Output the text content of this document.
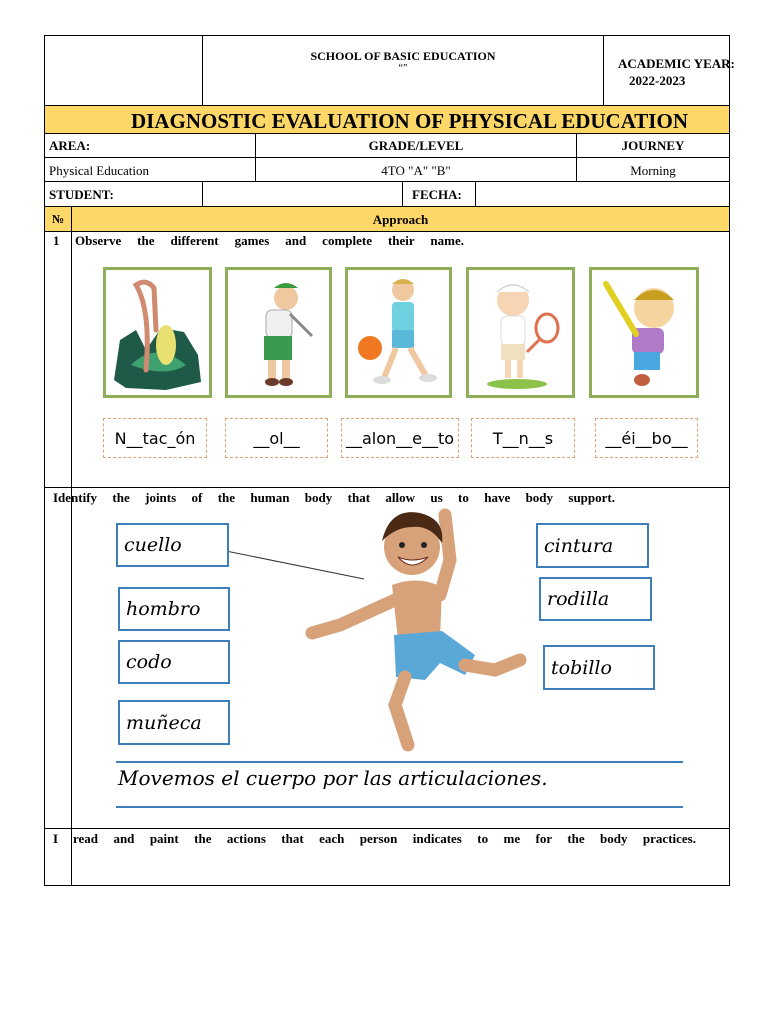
SCHOOL OF BASIC EDUCATION
“”	ACADEMIC YEAR:
2022-2023
DIAGNOSTIC EVALUATION OF PHYSICAL EDUCATION
AREA:	GRADE/LEVEL	JOURNEY
Physical Education	4TO "A" "B"	Morning
STUDENT:	FECHA:
№	Approach
1 Observe the different games and complete their name.
N__tac_ón	__ol__	__alon__e__to	T__n__s	__éi__bo__
Identify the joints of the human body that allow us to have body support.
cuello
hombro
codo
muñeca
cintura
rodilla
tobillo
Movemos el cuerpo por las articulaciones.
I read and paint the actions that each person indicates to me for the body practices.
